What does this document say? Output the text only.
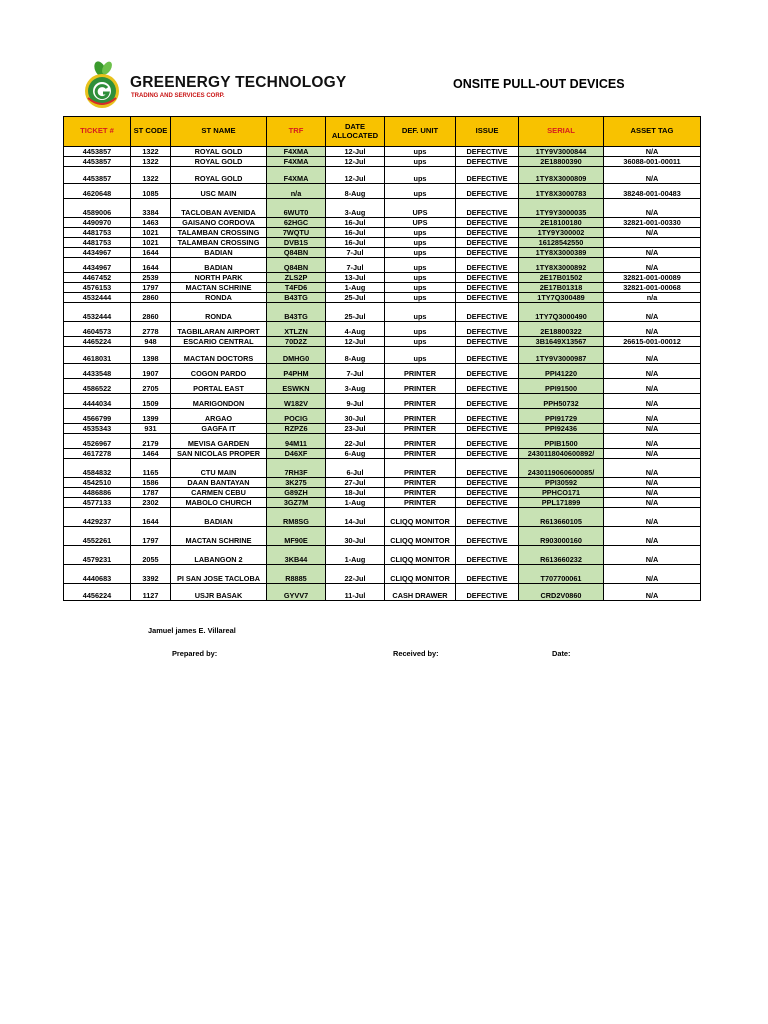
GREENERGY TECHNOLOGY
TRADING AND SERVICES CORP.
ONSITE PULL-OUT DEVICES
TICKET #	ST CODE	ST NAME	TRF	DATE ALLOCATED	DEF. UNIT	ISSUE	SERIAL	ASSET TAG
4453857	1322	ROYAL GOLD	F4XMA	12-Jul	ups	DEFECTIVE	1TY9V3000844	N/A
4453857	1322	ROYAL GOLD	F4XMA	12-Jul	ups	DEFECTIVE	2E18800390	36088-001-00011
4453857	1322	ROYAL GOLD	F4XMA	12-Jul	ups	DEFECTIVE	1TY8X3000809	N/A
4620648	1085	USC MAIN	n/a	8-Aug	ups	DEFECTIVE	1TY8X3000783	38248-001-00483
4589006	3384	TACLOBAN AVENIDA	6WUT0	3-Aug	UPS	DEFECTIVE	1TY9Y3000035	N/A
4490970	1463	GAISANO CORDOVA	62HGC	16-Jul	UPS	DEFECTIVE	2E18100180	32821-001-00330
4481753	1021	TALAMBAN CROSSING	7WQTU	16-Jul	ups	DEFECTIVE	1TY9Y300002	N/A
4481753	1021	TALAMBAN CROSSING	DVB1S	16-Jul	ups	DEFECTIVE	16128542550	
4434967	1644	BADIAN	Q84BN	7-Jul	ups	DEFECTIVE	1TY8X3000389	N/A
4434967	1644	BADIAN	Q84BN	7-Jul	ups	DEFECTIVE	1TY8X3000892	N/A
4467452	2539	NORTH PARK	ZLS2P	13-Jul	ups	DEFECTIVE	2E17B01502	32821-001-00089
4576153	1797	MACTAN SCHRINE	T4FD6	1-Aug	ups	DEFECTIVE	2E17B01318	32821-001-00068
4532444	2860	RONDA	B43TG	25-Jul	ups	DEFECTIVE	1TY7Q300489	n/a
4532444	2860	RONDA	B43TG	25-Jul	ups	DEFECTIVE	1TY7Q3000490	N/A
4604573	2778	TAGBILARAN AIRPORT	XTLZN	4-Aug	ups	DEFECTIVE	2E18800322	N/A
4465224	948	ESCARIO CENTRAL	70D2Z	12-Jul	ups	DEFECTIVE	3B1649X13567	26615-001-00012
4618031	1398	MACTAN DOCTORS	DMHG0	8-Aug	ups	DEFECTIVE	1TY9V3000987	N/A
4433548	1907	COGON PARDO	P4PHM	7-Jul	PRINTER	DEFECTIVE	PPI41220	N/A
4586522	2705	PORTAL EAST	ESWKN	3-Aug	PRINTER	DEFECTIVE	PPI91500	N/A
4444034	1509	MARIGONDON	W182V	9-Jul	PRINTER	DEFECTIVE	PPH50732	N/A
4566799	1399	ARGAO	POCIG	30-Jul	PRINTER	DEFECTIVE	PPI91729	N/A
4535343	931	GAGFA IT	RZPZ6	23-Jul	PRINTER	DEFECTIVE	PPI92436	N/A
4526967	2179	MEVISA GARDEN	94M11	22-Jul	PRINTER	DEFECTIVE	PPIB1500	N/A
4617278	1464	SAN NICOLAS PROPER	D46XF	6-Aug	PRINTER	DEFECTIVE	2430118040600892/	N/A
4584832	1165	CTU MAIN	7RH3F	6-Jul	PRINTER	DEFECTIVE	2430119060600085/	N/A
4542510	1586	DAAN BANTAYAN	3K275	27-Jul	PRINTER	DEFECTIVE	PPI30592	N/A
4486886	1787	CARMEN CEBU	G89ZH	18-Jul	PRINTER	DEFECTIVE	PPHCO171	N/A
4577133	2302	MABOLO CHURCH	3GZ7M	1-Aug	PRINTER	DEFECTIVE	PPL171899	N/A
4429237	1644	BADIAN	RM8SG	14-Jul	CLIQQ MONITOR	DEFECTIVE	R613660105	N/A
4552261	1797	MACTAN SCHRINE	MF90E	30-Jul	CLIQQ MONITOR	DEFECTIVE	R903000160	N/A
4579231	2055	LABANGON 2	3KB44	1-Aug	CLIQQ MONITOR	DEFECTIVE	R613660232	N/A
4440683	3392	PI SAN JOSE TACLOBA	R8885	22-Jul	CLIQQ MONITOR	DEFECTIVE	T707700061	N/A
4456224	1127	USJR BASAK	GYVV7	11-Jul	CASH DRAWER	DEFECTIVE	CRD2V0860	N/A
Jamuel james E. Villareal
Prepared by:	Received by:	Date:
